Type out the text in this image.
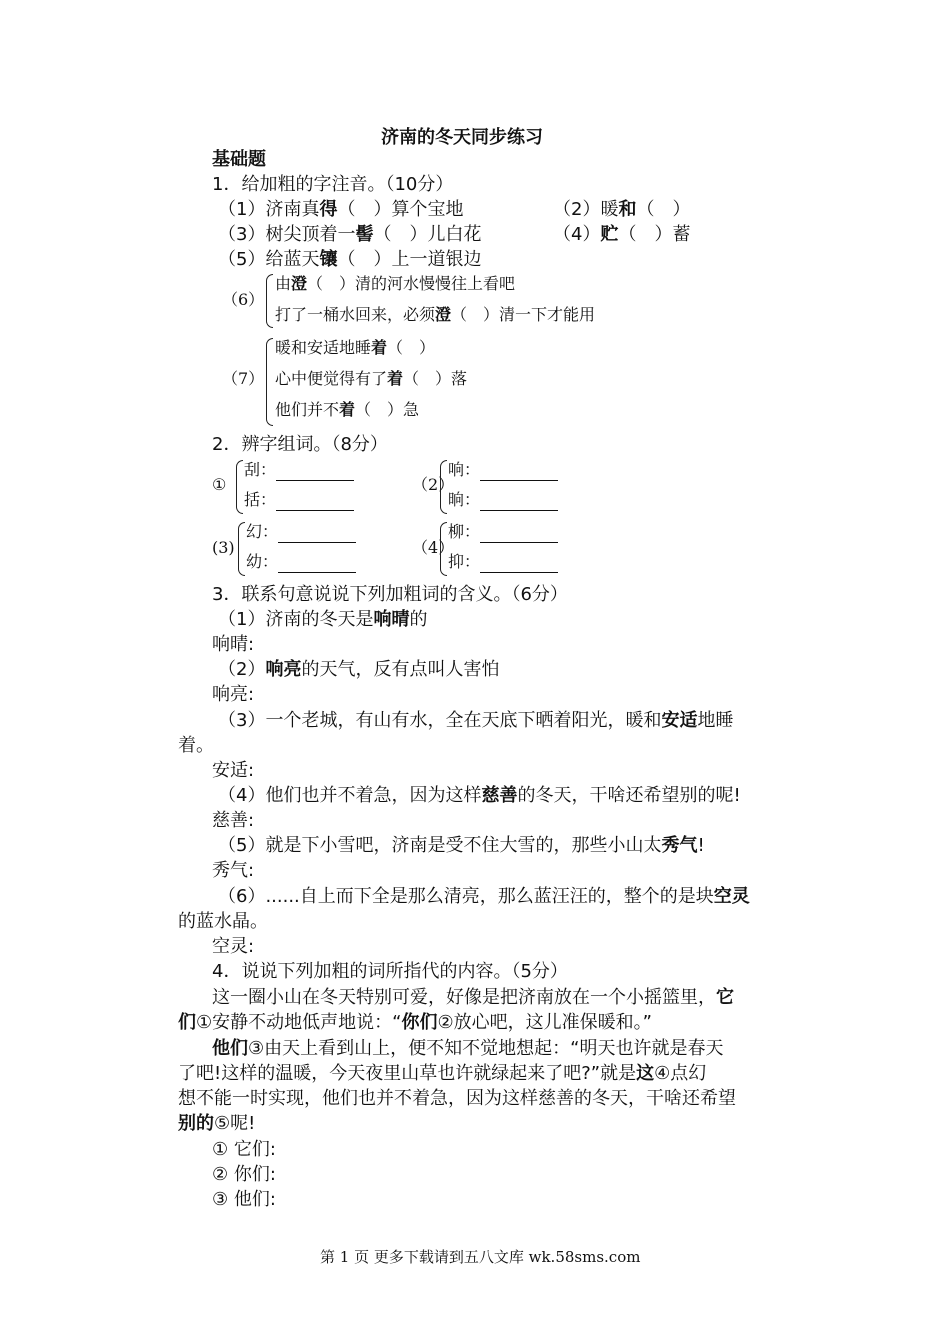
济南的冬天同步练习
基础题
1．给加粗的字注音。（10分）
（1）济南真得（　）算个宝地	（2）暖和（　）
（3）树尖顶着一髻（　）儿白花	（4）贮（　）蓄
（5）给蓝天镶（　）上一道银边
（6）
由澄（　）清的河水慢慢往上看吧
打了一桶水回来，必须澄（　）清一下才能用
（7）
暖和安适地睡着（　）
心中便觉得有了着（　）落
他们并不着（　）急
2．辨字组词。（8分）
①
刮：
括：
（2）
响：
晌：
(3)
幻：
幼：
（4）
柳：
抑：
3．联系句意说说下列加粗词的含义。（6分）
（1）济南的冬天是响晴的
响晴:
（2）响亮的天气，反有点叫人害怕
响亮:
（3）一个老城，有山有水，全在天底下晒着阳光，暖和安适地睡
着。
安适:
（4）他们也并不着急，因为这样慈善的冬天，干啥还希望别的呢!
慈善:
（5）就是下小雪吧，济南是受不住大雪的，那些小山太秀气!
秀气:
（6）......自上而下全是那么清亮，那么蓝汪汪的，整个的是块空灵
的蓝水晶。
空灵:
4．说说下列加粗的词所指代的内容。（5分）
这一圈小山在冬天特别可爱，好像是把济南放在一个小摇篮里，它
们①安静不动地低声地说：“你们②放心吧，这儿准保暖和。”
他们③由天上看到山上，便不知不觉地想起：“明天也许就是春天
了吧!这样的温暖，今天夜里山草也许就绿起来了吧?”就是这④点幻
想不能一时实现，他们也并不着急，因为这样慈善的冬天，干啥还希望
别的⑤呢!
① 它们:
② 你们:
③ 他们:
第 1 页 更多下载请到五八文库 wk.58sms.com
